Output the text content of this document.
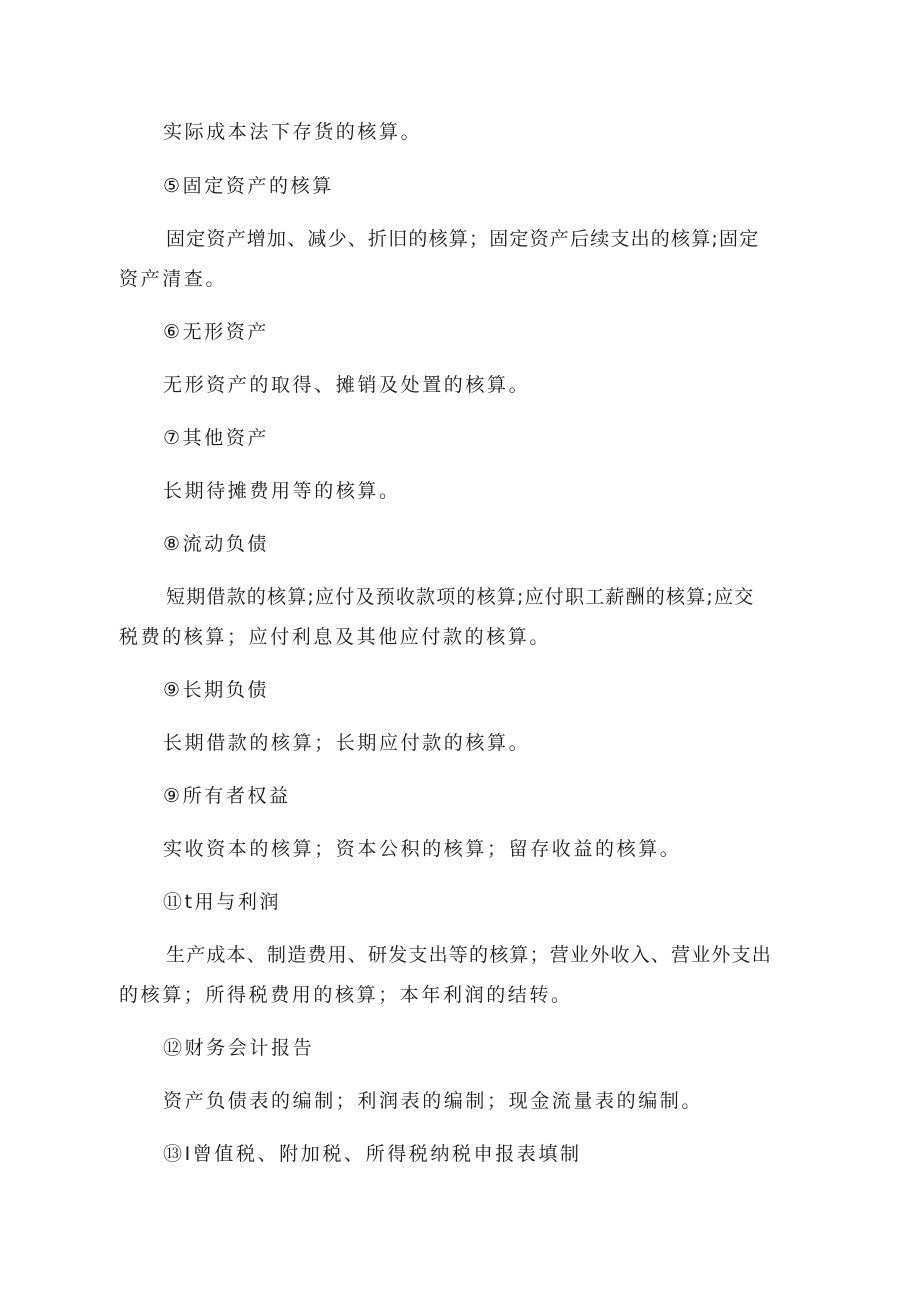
实际成本法下存货的核算。

⑤固定资产的核算

固定资产增加、减少、折旧的核算；固定资产后续支出的核算;固定

资产清查。

⑥无形资产

无形资产的取得、摊销及处置的核算。

⑦其他资产

长期待摊费用等的核算。

⑧流动负债

短期借款的核算;应付及预收款项的核算;应付职工薪酬的核算;应交

税费的核算；应付利息及其他应付款的核算。

⑨长期负债

长期借款的核算；长期应付款的核算。

⑨所有者权益

实收资本的核算；资本公积的核算；留存收益的核算。

⑪t用与利润

生产成本、制造费用、研发支出等的核算；营业外收入、营业外支出

的核算；所得税费用的核算；本年利润的结转。

⑫财务会计报告

资产负债表的编制；利润表的编制；现金流量表的编制。

⑬I曾值税、附加税、所得税纳税申报表填制
